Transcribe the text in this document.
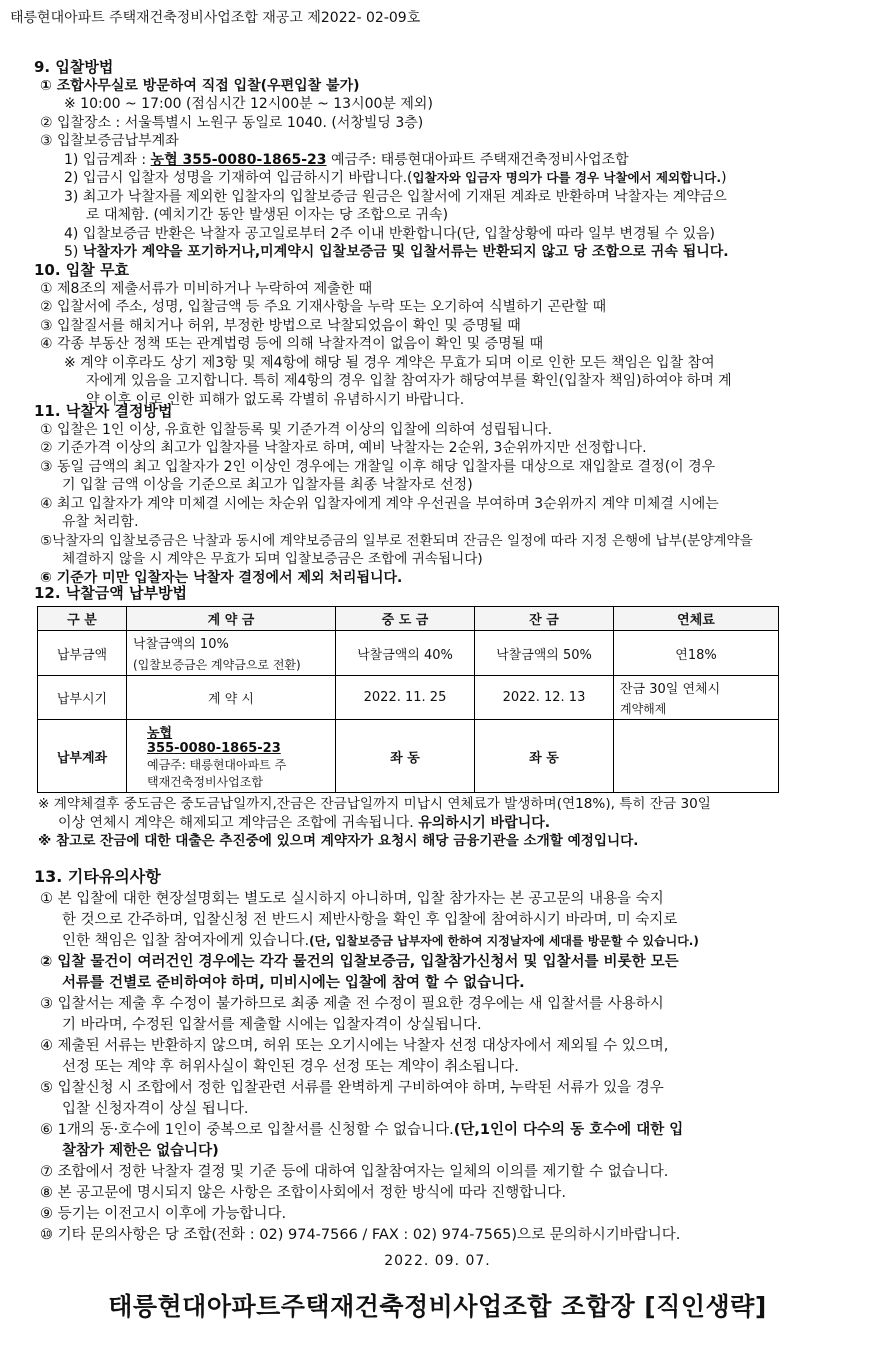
태릉현대아파트 주택재건축정비사업조합 재공고 제2022- 02-09호
9. 입찰방법
① 조합사무실로 방문하여 직접 입찰(우편입찰 불가)
※ 10:00 ~ 17:00 (점심시간 12시00분 ~ 13시00분 제외)
② 입찰장소 : 서울특별시 노원구 동일로 1040. (서창빌딩 3층)
③ 입찰보증금납부계좌
1) 입금계좌 : 농협 355-0080-1865-23 예금주: 태릉현대아파트 주택재건축정비사업조합
2) 입금시 입찰자 성명을 기재하여 입금하시기 바랍니다.(입찰자와 입금자 명의가 다를 경우 낙찰에서 제외합니다.)
3) 최고가 낙찰자를 제외한 입찰자의 입찰보증금 원금은 입찰서에 기재된 계좌로 반환하며 낙찰자는 계약금으
로 대체함. (예치기간 동안 발생된 이자는 당 조합으로 귀속)
4) 입찰보증금 반환은 낙찰자 공고일로부터 2주 이내 반환합니다(단, 입찰상황에 따라 일부 변경될 수 있음)
5) 낙찰자가 계약을 포기하거나,미계약시 입찰보증금 및 입찰서류는 반환되지 않고 당 조합으로 귀속 됩니다.
10. 입찰 무효
① 제8조의 제출서류가 미비하거나 누락하여 제출한 때
② 입찰서에 주소, 성명, 입찰금액 등 주요 기재사항을 누락 또는 오기하여 식별하기 곤란할 때
③ 입찰질서를 해치거나 허위, 부정한 방법으로 낙찰되었음이 확인 및 증명될 때
④ 각종 부동산 정책 또는 관계법령 등에 의해 낙찰자격이 없음이 확인 및 증명될 때
※ 계약 이후라도 상기 제3항 및 제4항에 해당 될 경우 계약은 무효가 되며 이로 인한 모든 책임은 입찰 참여
자에게 있음을 고지합니다. 특히 제4항의 경우 입찰 참여자가 해당여부를 확인(입찰자 책임)하여야 하며 계
약 이후 이로 인한 피해가 없도록 각별히 유념하시기 바랍니다.
11. 낙찰자 결정방법
① 입찰은 1인 이상, 유효한 입찰등록 및 기준가격 이상의 입찰에 의하여 성립됩니다.
② 기준가격 이상의 최고가 입찰자를 낙찰자로 하며, 예비 낙찰자는 2순위, 3순위까지만 선정합니다.
③ 동일 금액의 최고 입찰자가 2인 이상인 경우에는 개찰일 이후 해당 입찰자를 대상으로 재입찰로 결정(이 경우
기 입찰 금액 이상을 기준으로 최고가 입찰자를 최종 낙찰자로 선정)
④ 최고 입찰자가 계약 미체결 시에는 차순위 입찰자에게 계약 우선권을 부여하며 3순위까지 계약 미체결 시에는
유찰 처리함.
⑤낙찰자의 입찰보증금은 낙찰과 동시에 계약보증금의 일부로 전환되며 잔금은 일정에 따라 지정 은행에 납부(분양계약을
체결하지 않을 시 계약은 무효가 되며 입찰보증금은 조합에 귀속됩니다)
⑥ 기준가 미만 입찰자는 낙찰자 결정에서 제외 처리됩니다.
12. 낙찰금액 납부방법
구 분	계 약 금	중 도 금	잔 금	연체료
납부금액	낙찰금액의 10%
(입찰보증금은 계약금으로 전환)	낙찰금액의 40%	낙찰금액의 50%	연18%
납부시기	계 약 시	2022. 11. 25	2022. 12. 13	잔금 30일 연체시
계약해제

납부계좌	농협
355-0080-1865-23
예금주: 태릉현대아파트 주
택재건축정비사업조합	좌 동	좌 동	
※ 계약체결후 중도금은 중도금납일까지,잔금은 잔금납일까지 미납시 연체료가 발생하며(연18%), 특히 잔금 30일
이상 연체시 계약은 해제되고 계약금은 조합에 귀속됩니다. 유의하시기 바랍니다.
※ 참고로 잔금에 대한 대출은 추진중에 있으며 계약자가 요청시 해당 금융기관을 소개할 예정입니다.
13. 기타유의사항
① 본 입찰에 대한 현장설명회는 별도로 실시하지 아니하며, 입찰 참가자는 본 공고문의 내용을 숙지
한 것으로 간주하며, 입찰신청 전 반드시 제반사항을 확인 후 입찰에 참여하시기 바라며, 미 숙지로
인한 책임은 입찰 참여자에게 있습니다.(단, 입찰보증금 납부자에 한하여 지정날자에 세대를 방문할 수 있습니다.)
② 입찰 물건이 여러건인 경우에는 각각 물건의 입찰보증금, 입찰참가신청서 및 입찰서를 비롯한 모든
서류를 건별로 준비하여야 하며, 미비시에는 입찰에 참여 할 수 없습니다.
③ 입찰서는 제출 후 수정이 불가하므로 최종 제출 전 수정이 필요한 경우에는 새 입찰서를 사용하시
기 바라며, 수정된 입찰서를 제출할 시에는 입찰자격이 상실됩니다.
④ 제출된 서류는 반환하지 않으며, 허위 또는 오기시에는 낙찰자 선정 대상자에서 제외될 수 있으며,
선정 또는 계약 후 허위사실이 확인된 경우 선정 또는 계약이 취소됩니다.
⑤ 입찰신청 시 조합에서 정한 입찰관련 서류를 완벽하게 구비하여야 하며, 누락된 서류가 있을 경우
입찰 신청자격이 상실 됩니다.
⑥ 1개의 동·호수에 1인이 중복으로 입찰서를 신청할 수 없습니다.(단,1인이 다수의 동 호수에 대한 입
찰참가 제한은 없습니다)
⑦ 조합에서 정한 낙찰자 결정 및 기준 등에 대하여 입찰참여자는 일체의 이의를 제기할 수 없습니다.
⑧ 본 공고문에 명시되지 않은 사항은 조합이사회에서 정한 방식에 따라 진행합니다.
⑨ 등기는 이전고시 이후에 가능합니다.
⑩ 기타 문의사항은 당 조합(전화 : 02) 974-7566 / FAX : 02) 974-7565)으로 문의하시기바랍니다.
2022. 09. 07.
태릉현대아파트주택재건축정비사업조합 조합장 [직인생략]
